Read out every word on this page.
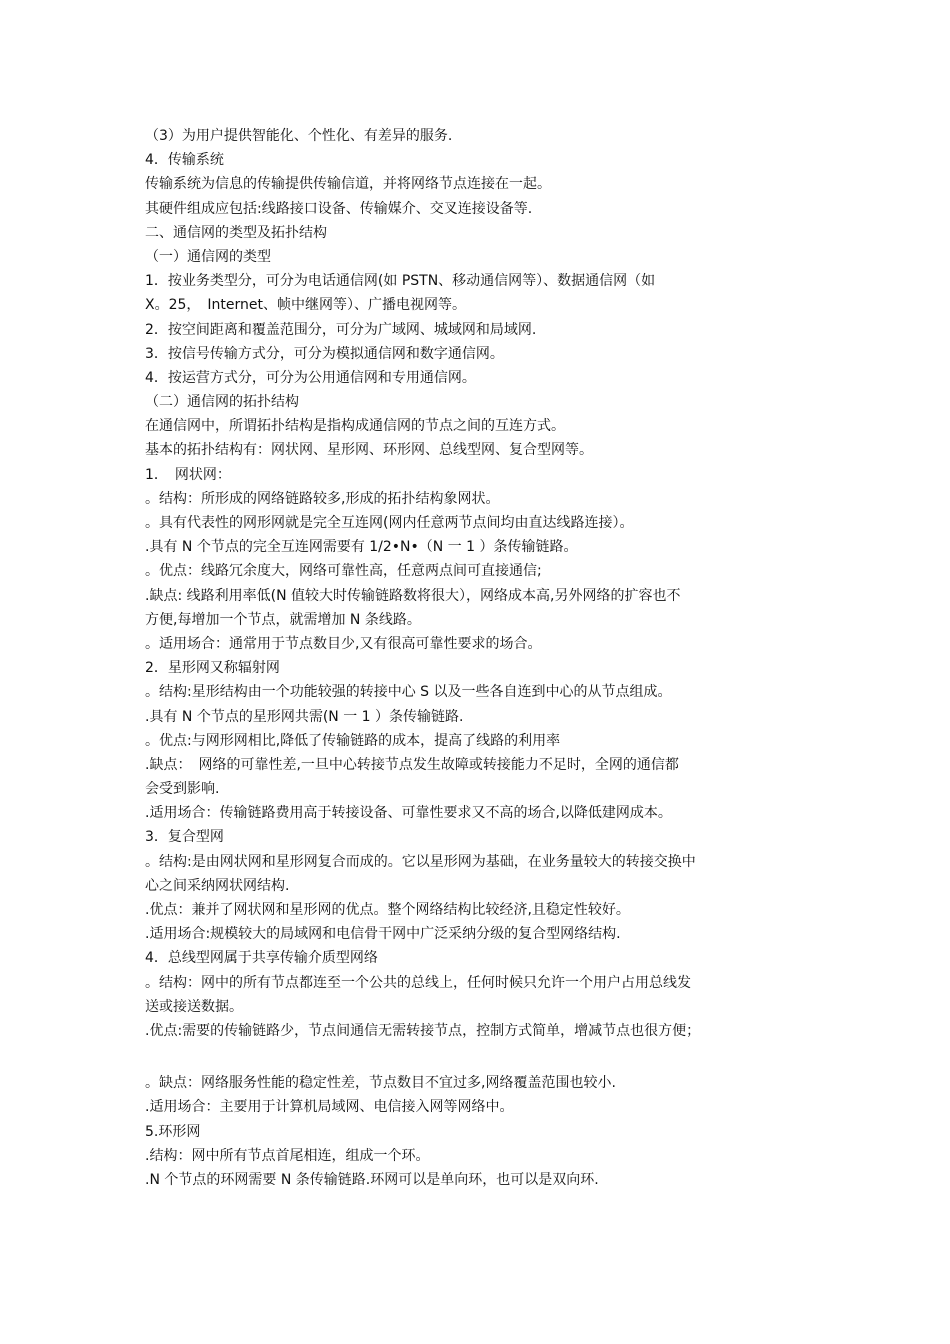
（3）为用户提供智能化、个性化、有差异的服务.
4．传输系统
传输系统为信息的传输提供传输信道，并将网络节点连接在一起。
其硬件组成应包括:线路接口设备、传输媒介、交叉连接设备等.
二、通信网的类型及拓扑结构
（一）通信网的类型
1．按业务类型分，可分为电话通信网(如 PSTN、移动通信网等）、数据通信网（如
X。25，　Internet、帧中继网等）、广播电视网等。
2．按空间距离和覆盖范围分，可分为广域网、城域网和局域网.
3．按信号传输方式分，可分为模拟通信网和数字通信网。
4．按运营方式分，可分为公用通信网和专用通信网。
（二）通信网的拓扑结构
在通信网中，所谓拓扑结构是指构成通信网的节点之间的互连方式。
基本的拓扑结构有：网状网、星形网、环形网、总线型网、复合型网等。
1．　网状网：
。结构：所形成的网络链路较多,形成的拓扑结构象网状。
。具有代表性的网形网就是完全互连网(网内任意两节点间均由直达线路连接）。
.具有 N 个节点的完全互连网需要有 1/2•N•（N 一 1 ）条传输链路。
。优点：线路冗余度大，网络可靠性高，任意两点间可直接通信;
.缺点: 线路利用率低(N 值较大时传输链路数将很大），网络成本高,另外网络的扩容也不
方便,每增加一个节点，就需增加 N 条线路。
。适用场合：通常用于节点数目少,又有很高可靠性要求的场合。
2．星形网又称辐射网
。结构:星形结构由一个功能较强的转接中心 S 以及一些各自连到中心的从节点组成。
.具有 N 个节点的星形网共需(N 一 1 ）条传输链路.
。优点:与网形网相比,降低了传输链路的成本，提高了线路的利用率
.缺点：　网络的可靠性差,一旦中心转接节点发生故障或转接能力不足时，全网的通信都
会受到影响.
.适用场合：传输链路费用高于转接设备、可靠性要求又不高的场合,以降低建网成本。
3．复合型网
。结构:是由网状网和星形网复合而成的。它以星形网为基础，在业务量较大的转接交换中
心之间采纳网状网结构.
.优点：兼并了网状网和星形网的优点。整个网络结构比较经济,且稳定性较好。
.适用场合:规模较大的局域网和电信骨干网中广泛采纳分级的复合型网络结构.
4．总线型网属于共享传输介质型网络
。结构：网中的所有节点都连至一个公共的总线上，任何时候只允许一个用户占用总线发
送或接送数据。
.优点:需要的传输链路少，节点间通信无需转接节点，控制方式简单，增减节点也很方便；
。缺点：网络服务性能的稳定性差，节点数目不宜过多,网络覆盖范围也较小.
.适用场合：主要用于计算机局域网、电信接入网等网络中。
5.环形网
.结构：网中所有节点首尾相连，组成一个环。
.N 个节点的环网需要 N 条传输链路.环网可以是单向环，也可以是双向环.
